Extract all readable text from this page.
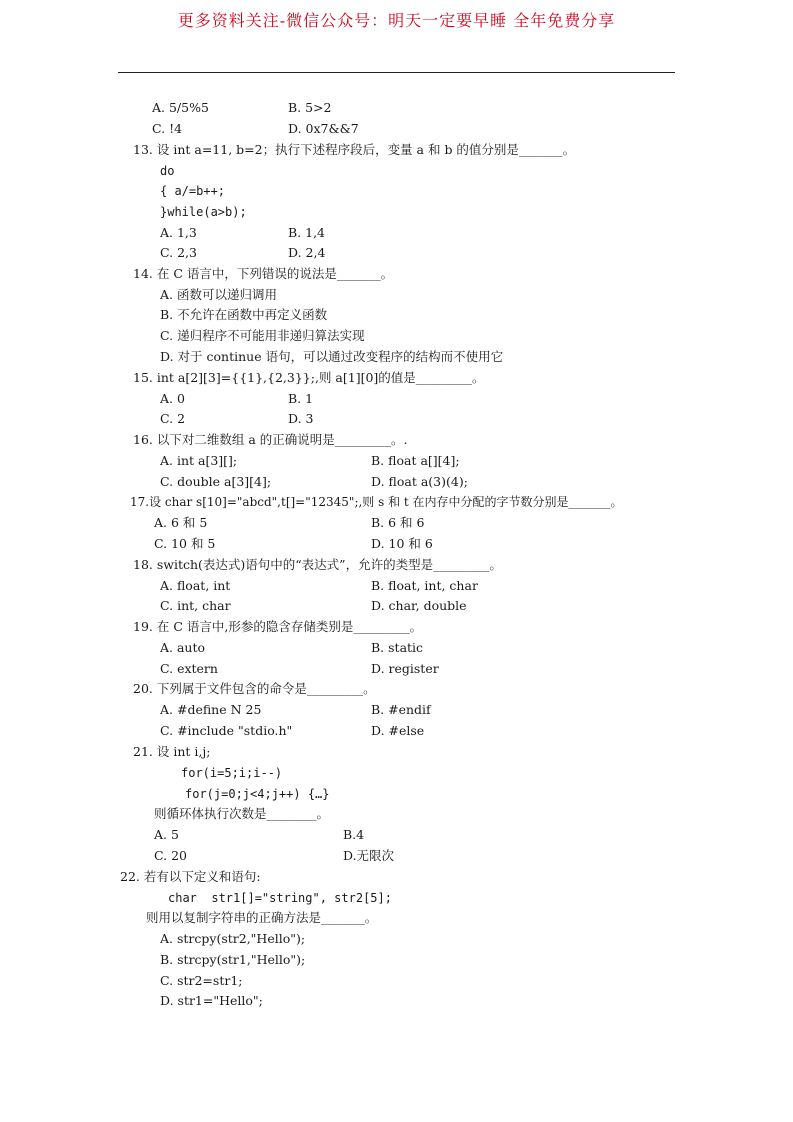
更多资料关注-微信公众号：明天一定要早睡 全年免费分享
A. 5/5%5	B. 5>2
C. !4	D. 0x7&&7
13. 设 int a=11, b=2；执行下述程序段后，变量 a 和 b 的值分别是_______。
do
{ a/=b++;
}while(a>b);
A. 1,3	B. 1,4
C. 2,3	D. 2,4
14. 在 C 语言中，下列错误的说法是_______。
A. 函数可以递归调用
B. 不允许在函数中再定义函数
C. 递归程序不可能用非递归算法实现
D. 对于 continue 语句，可以通过改变程序的结构而不使用它
15. int a[2][3]={{1},{2,3}};,则 a[1][0]的值是_________。
A. 0	B. 1
C. 2	D. 3
16. 以下对二维数组 a 的正确说明是_________。.
A. int a[3][];	B. float a[][4];
C. double a[3][4];	D. float a(3)(4);
17.设 char s[10]="abcd",t[]="12345";,则 s 和 t 在内存中分配的字节数分别是_______。
A. 6 和 5	B. 6 和 6
C. 10 和 5	D. 10 和 6
18. switch(表达式)语句中的“表达式”，允许的类型是_________。
A. float, int	B. float, int, char
C. int, char	D. char, double
19. 在 C 语言中,形参的隐含存储类别是_________。
A. auto	B. static
C. extern	D. register
20. 下列属于文件包含的命令是_________。
A. #define N 25	B. #endif
C. #include "stdio.h"	D. #else
21. 设 int i,j;
for(i=5;i;i--)
for(j=0;j<4;j++) {…}
则循环体执行次数是________。
A. 5	B.4
C. 20	D.无限次
22. 若有以下定义和语句:
char  str1[]="string", str2[5];
则用以复制字符串的正确方法是_______。
A. strcpy(str2,"Hello");
B. strcpy(str1,"Hello");
C. str2=str1;
D. str1="Hello";
